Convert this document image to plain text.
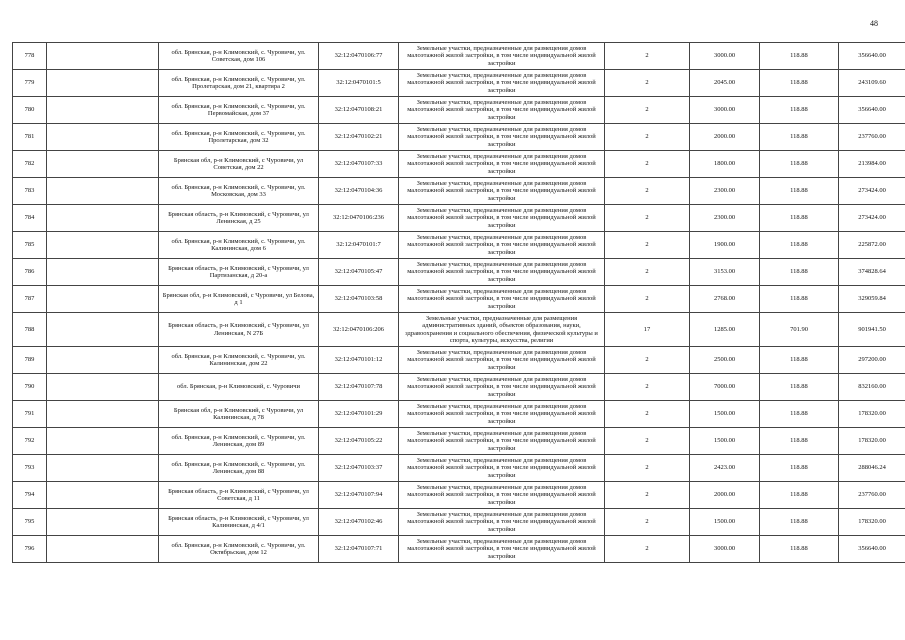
48
778		обл. Брянская, р-н Климовский, с. Чуровичи, ул. Советская, дом 106	32:12:0470106:77	Земельные участки, предназначенные для размещения домов малоэтажной жилой застройки, в том числе индивидуальной жилой застройки	2	3000.00	118.88	356640.00
779		обл. Брянская, р-н Климовский, с. Чуровичи, ул. Пролетарская, дом 21, квартира 2	32:12:0470101:5	Земельные участки, предназначенные для размещения домов малоэтажной жилой застройки, в том числе индивидуальной жилой застройки	2	2045.00	118.88	243109.60
780		обл. Брянская, р-н Климовский, с. Чуровичи, ул. Первомайская, дом 37	32:12:0470108:21	Земельные участки, предназначенные для размещения домов малоэтажной жилой застройки, в том числе индивидуальной жилой застройки	2	3000.00	118.88	356640.00
781		обл. Брянская, р-н Климовский, с. Чуровичи, ул. Пролетарская, дом 32	32:12:0470102:21	Земельные участки, предназначенные для размещения домов малоэтажной жилой застройки, в том числе индивидуальной жилой застройки	2	2000.00	118.88	237760.00
782		Брянская обл, р-н Климовский, с Чуровичи, ул Советская, дом 22	32:12:0470107:33	Земельные участки, предназначенные для размещения домов малоэтажной жилой застройки, в том числе индивидуальной жилой застройки	2	1800.00	118.88	213984.00
783		обл. Брянская, р-н Климовский, с. Чуровичи, ул. Московская, дом 33	32:12:0470104:36	Земельные участки, предназначенные для размещения домов малоэтажной жилой застройки, в том числе индивидуальной жилой застройки	2	2300.00	118.88	273424.00
784		Брянская область, р-н Климовский, с Чуровичи, ул Ленинская, д 25	32:12:0470106:236	Земельные участки, предназначенные для размещения домов малоэтажной жилой застройки, в том числе индивидуальной жилой застройки	2	2300.00	118.88	273424.00
785		обл. Брянская, р-н Климовский, с. Чуровичи, ул. Калининская, дом 6	32:12:0470101:7	Земельные участки, предназначенные для размещения домов малоэтажной жилой застройки, в том числе индивидуальной жилой застройки	2	1900.00	118.88	225872.00
786		Брянская область, р-н Климовский, с Чуровичи, ул Партизанская, д 20-а	32:12:0470105:47	Земельные участки, предназначенные для размещения домов малоэтажной жилой застройки, в том числе индивидуальной жилой застройки	2	3153.00	118.88	374828.64
787		Брянская обл, р-н Климовский, с Чуровичи, ул Белова, д 1	32:12:0470103:58	Земельные участки, предназначенные для размещения домов малоэтажной жилой застройки, в том числе индивидуальной жилой застройки	2	2768.00	118.88	329059.84
788		Брянская область, р-н Климовский, с Чуровичи, ул Ленинская, N 27Б	32:12:0470106:206	Земельные участки, предназначенные для размещения административных зданий, объектов образования, науки, здравоохранения и социального обеспечения, физической культуры и спорта, культуры, искусства, религии	17	1285.00	701.90	901941.50
789		обл. Брянская, р-н Климовский, с. Чуровичи, ул. Калининская, дом 22	32:12:0470101:12	Земельные участки, предназначенные для размещения домов малоэтажной жилой застройки, в том числе индивидуальной жилой застройки	2	2500.00	118.88	297200.00
790		обл. Брянская, р-н Климовский, с. Чуровичи	32:12:0470107:78	Земельные участки, предназначенные для размещения домов малоэтажной жилой застройки, в том числе индивидуальной жилой застройки	2	7000.00	118.88	832160.00
791		Брянская обл, р-н Климовский, с Чуровичи, ул Калининская, д 78	32:12:0470101:29	Земельные участки, предназначенные для размещения домов малоэтажной жилой застройки, в том числе индивидуальной жилой застройки	2	1500.00	118.88	178320.00
792		обл. Брянская, р-н Климовский, с. Чуровичи, ул. Ленинская, дом 89	32:12:0470105:22	Земельные участки, предназначенные для размещения домов малоэтажной жилой застройки, в том числе индивидуальной жилой застройки	2	1500.00	118.88	178320.00
793		обл. Брянская, р-н Климовский, с. Чуровичи, ул. Ленинская, дом 88	32:12:0470103:37	Земельные участки, предназначенные для размещения домов малоэтажной жилой застройки, в том числе индивидуальной жилой застройки	2	2423.00	118.88	288046.24
794		Брянская область, р-н Климовский, с Чуровичи, ул Советская, д 11	32:12:0470107:94	Земельные участки, предназначенные для размещения домов малоэтажной жилой застройки, в том числе индивидуальной жилой застройки	2	2000.00	118.88	237760.00
795		Брянская область, р-н Климовский, с Чуровичи, ул Калининская, д 4/1	32:12:0470102:46	Земельные участки, предназначенные для размещения домов малоэтажной жилой застройки, в том числе индивидуальной жилой застройки	2	1500.00	118.88	178320.00
796		обл. Брянская, р-н Климовский, с. Чуровичи, ул. Октябрьская, дом 12	32:12:0470107:71	Земельные участки, предназначенные для размещения домов малоэтажной жилой застройки, в том числе индивидуальной жилой застройки	2	3000.00	118.88	356640.00
